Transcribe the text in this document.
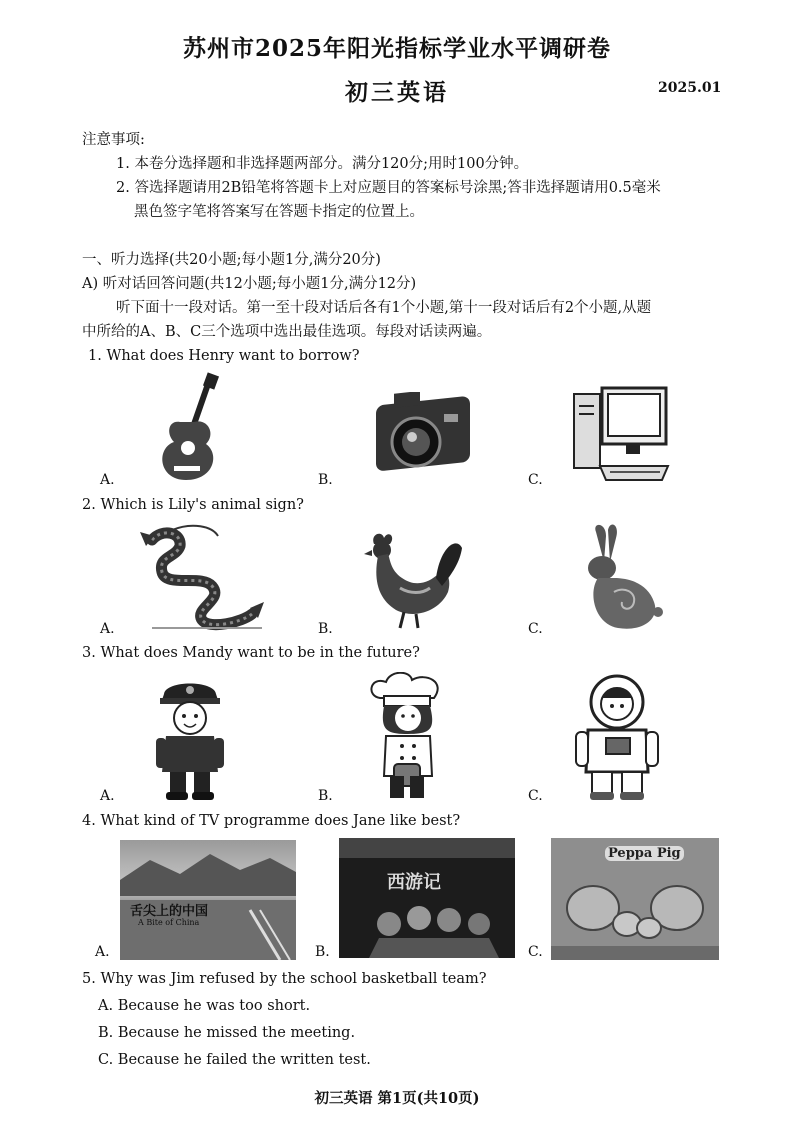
苏州市2025年阳光指标学业水平调研卷
初三英语	2025.01
注意事项:
1. 本卷分选择题和非选择题两部分。满分120分;用时100分钟。
2. 答选择题请用2B铅笔将答题卡上对应题目的答案标号涂黑;答非选择题请用0.5毫米
黑色签字笔将答案写在答题卡指定的位置上。
一、听力选择(共20小题;每小题1分,满分20分)
A) 听对话回答问题(共12小题;每小题1分,满分12分)
听下面十一段对话。第一至十段对话后各有1个小题,第十一段对话后有2个小题,从题
中所给的A、B、C三个选项中选出最佳选项。每段对话读两遍。
1. What does Henry want to borrow?
A.	B.	C.
2. Which is Lily's animal sign?
A.	B.	C.
3. What does Mandy want to be in the future?
A.	B.	C.
4. What kind of TV programme does Jane like best?
A.	B.	C.
舌尖上的中国
A Bite of China
西游记
Peppa Pig
5. Why was Jim refused by the school basketball team?
A. Because he was too short.
B. Because he missed the meeting.
C. Because he failed the written test.
初三英语 第1页(共10页)
